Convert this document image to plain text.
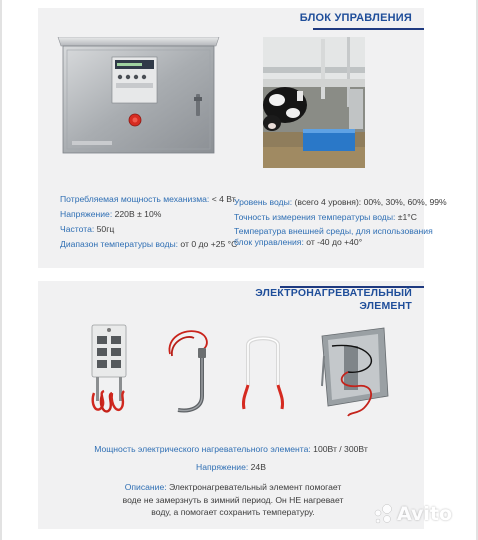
БЛОК УПРАВЛЕНИЯ
Потребляемая мощность механизма: < 4 Вт
Напряжение: 220В ± 10%
Частота: 50гц
Диапазон температуры воды: от 0 до +25 °C
Уровень воды: (всего 4 уровня): 00%, 30%, 60%, 99%
Точность измерения температуры воды: ±1°C
Температура внешней среды, для использования
блок управления: от -40 до +40°
ЭЛЕКТРОНАГРЕВАТЕЛЬНЫЙ
ЭЛЕМЕНТ
Мощность электрического нагревательного элемента: 100Вт / 300Вт
Напряжение: 24В
Описание: Электронагревательный элемент помогает
воде не замерзнуть в зимний период. Он НЕ нагревает
воду, а помогает сохранить температуру.	Avito
